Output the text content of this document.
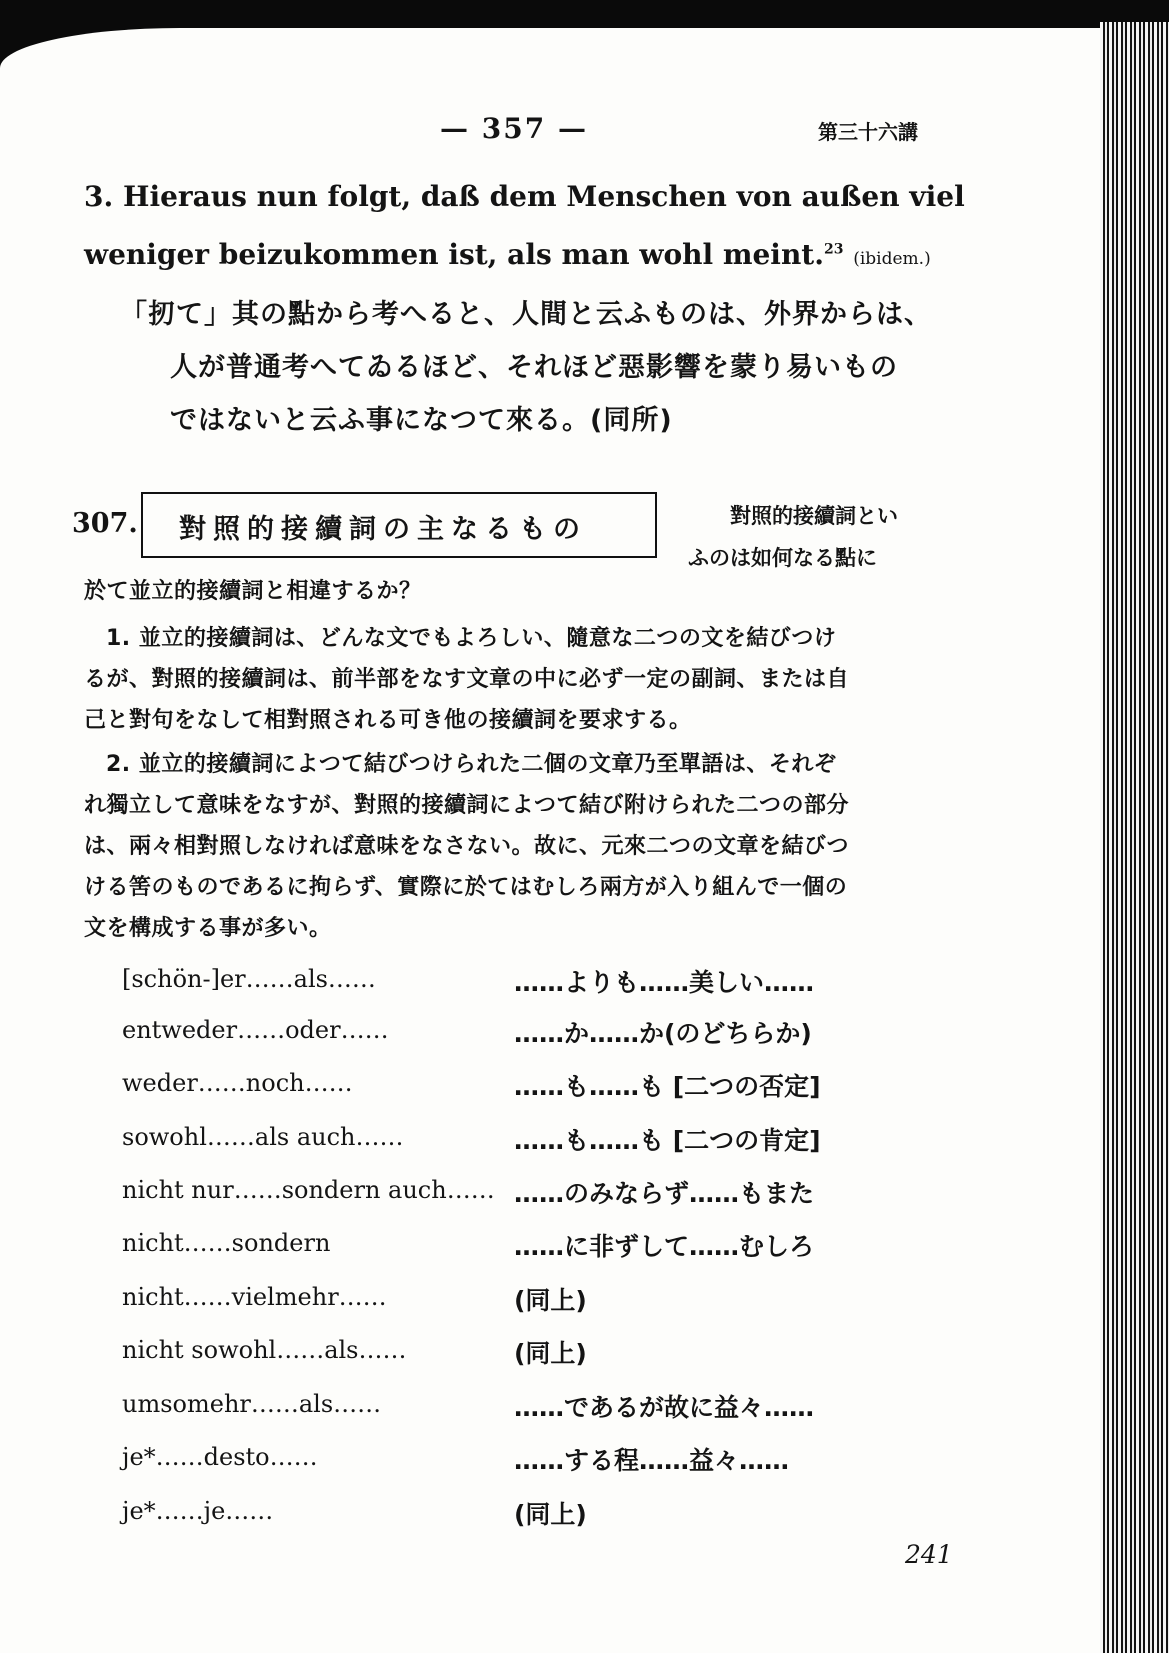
— 357 —	第三十六講
3. Hieraus nun folgt, daß dem Menschen von außen viel
weniger beizukommen ist, als man wohl meint.$^{23}$ (ibidem.)
「扨て」其の點から考へると、人間と云ふものは、外界からは、
人が普通考へてゐるほど、それほど惡影響を蒙り易いもの
ではないと云ふ事になつて來る。(同所)
307. 對照的接續詞の主なるもの	對照的接續詞とい
ふのは如何なる點に
於て並立的接續詞と相違するか？
1. 並立的接續詞は、どんな文でもよろしい、隨意な二つの文を結びつけ
るが、對照的接續詞は、前半部をなす文章の中に必ず一定の副詞、または自
己と對句をなして相對照される可き他の接續詞を要求する。
2. 並立的接續詞によつて結びつけられた二個の文章乃至單語は、それぞ
れ獨立して意味をなすが、對照的接續詞によつて結び附けられた二つの部分
は、兩々相對照しなければ意味をなさない。故に、元來二つの文章を結びつ
ける筈のものであるに拘らず、實際に於てはむしろ兩方が入り組んで一個の
文を構成する事が多い。
[schön-]er……als……	……よりも……美しい……
entweder……oder……	……か……か(のどちらか)
weder……noch……	……も……も [二つの否定]
sowohl……als auch……	……も……も [二つの肯定]
nicht nur……sondern auch…… ……のみならず……もまた
nicht……sondern	……に非ずして……むしろ
nicht……vielmehr……	(同上)
nicht sowohl……als……	(同上)
umsomehr……als……	……であるが故に益々……
je*……desto……	……する程……益々……
je*……je……	(同上)
241
